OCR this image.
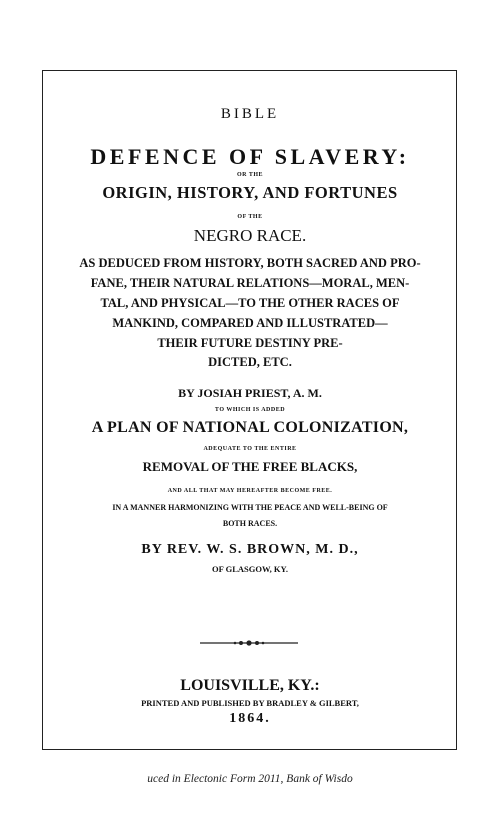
BIBLE
DEFENCE OF SLAVERY:
OR THE
ORIGIN, HISTORY, AND FORTUNES
OF THE
NEGRO RACE.
AS DEDUCED FROM HISTORY, BOTH SACRED AND PRO-
FANE, THEIR NATURAL RELATIONS—MORAL, MEN-
TAL, AND PHYSICAL—TO THE OTHER RACES OF
MANKIND, COMPARED AND ILLUSTRATED—
THEIR FUTURE DESTINY PRE-
DICTED, ETC.
BY JOSIAH PRIEST, A. M.
TO WHICH IS ADDED
A PLAN OF NATIONAL COLONIZATION,
ADEQUATE TO THE ENTIRE
REMOVAL OF THE FREE BLACKS,
AND ALL THAT MAY HEREAFTER BECOME FREE.
IN A MANNER HARMONIZING WITH THE PEACE AND WELL-BEING OF
BOTH RACES.
BY REV. W. S. BROWN, M. D.,
OF GLASGOW, KY.
LOUISVILLE, KY.:
PRINTED AND PUBLISHED BY BRADLEY & GILBERT,
1864.
uced in Electonic Form 2011, Bank of Wisdo
